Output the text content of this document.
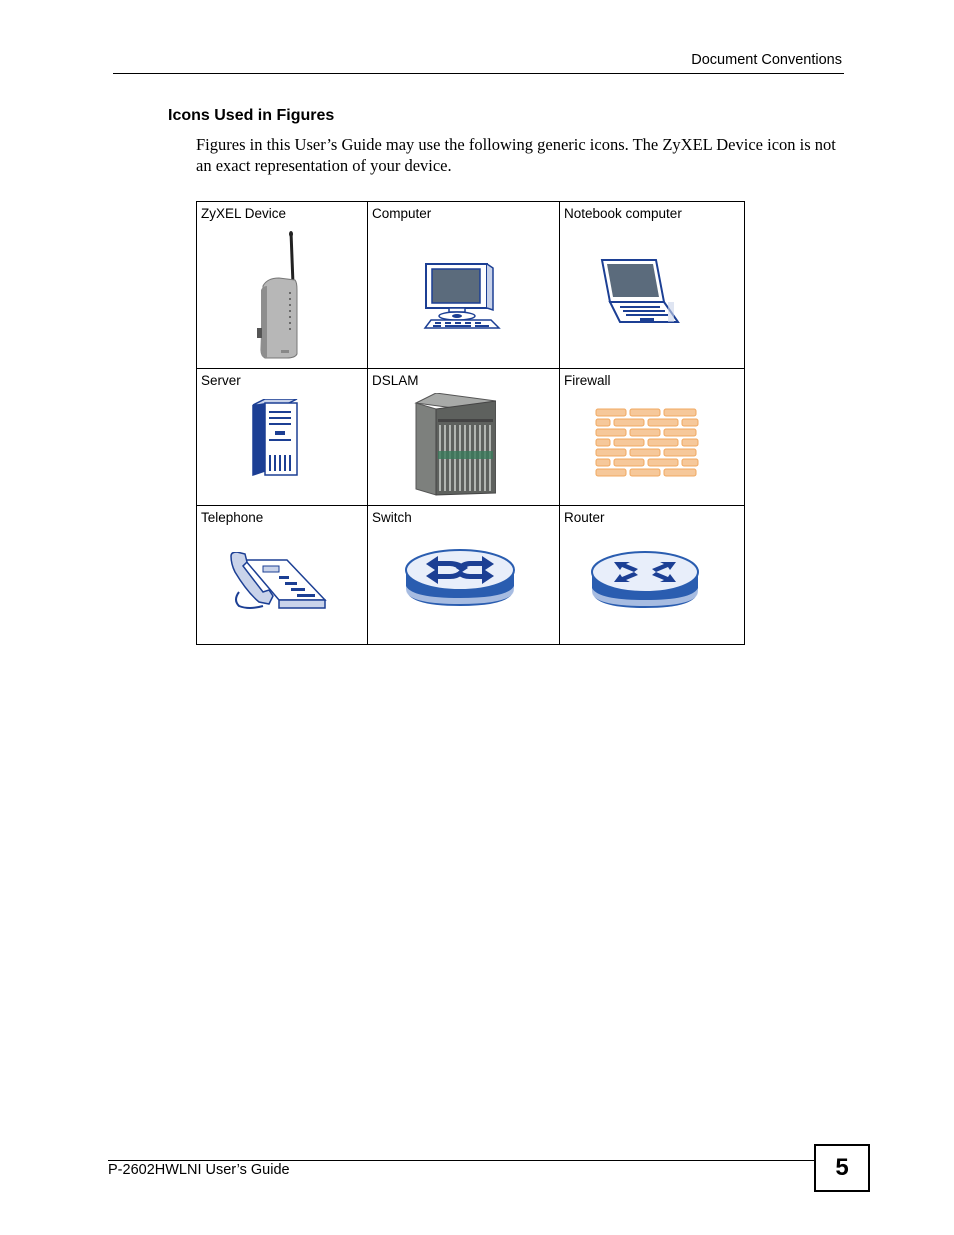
Document Conventions
Icons Used in Figures
Figures in this User’s Guide may use the following generic icons. The ZyXEL Device icon is not an exact representation of your device.
ZyXEL Device	Computer	Notebook computer

Server	DSLAM	Firewall

Telephone	Switch	Router
P-2602HWLNI User’s Guide	5
